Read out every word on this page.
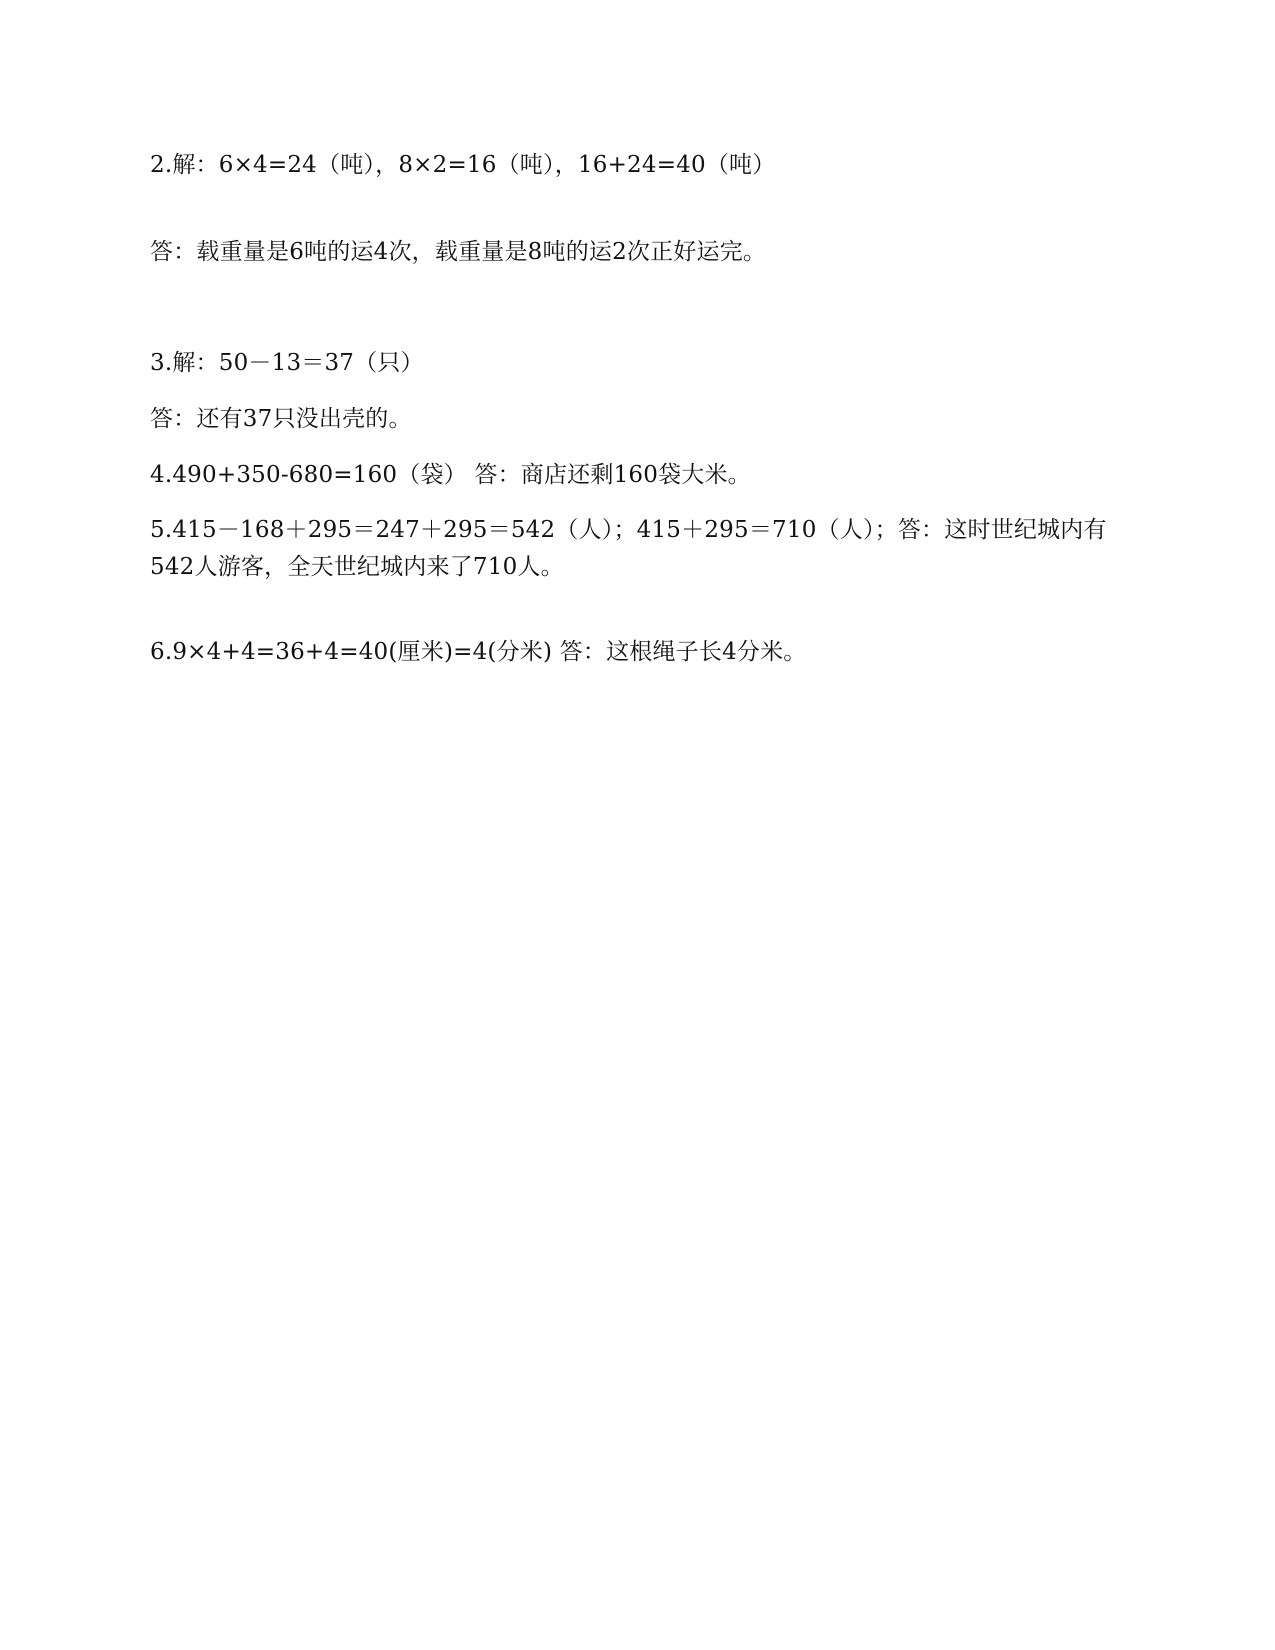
2.解：6×4=24（吨），8×2=16（吨），16+24=40（吨）
答：载重量是6吨的运4次，载重量是8吨的运2次正好运完。
3.解：50－13＝37（只）
答：还有37只没出壳的。
4.490+350-680=160（袋） 答：商店还剩160袋大米。
5.415－168＋295＝247＋295＝542（人）；415＋295＝710（人）；答：这时世纪城内有
542人游客，全天世纪城内来了710人。
6.9×4+4=36+4=40(厘米)=4(分米) 答：这根绳子长4分米。
